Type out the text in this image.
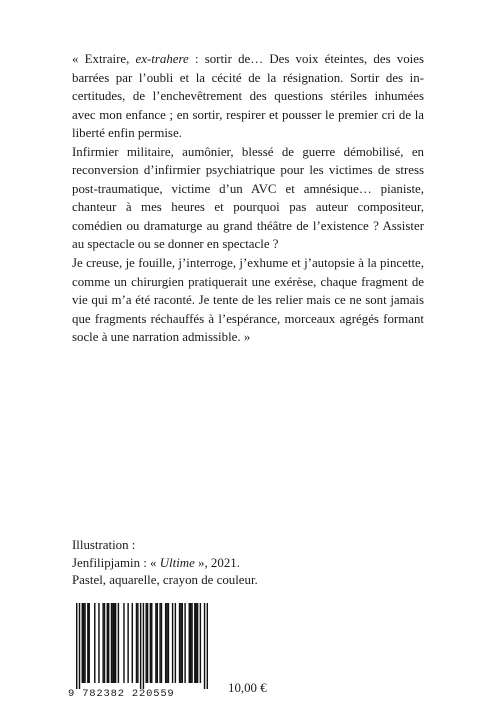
« Extraire, ex-trahere : sortir de… Des voix éteintes, des voies barrées par l’oubli et la cécité de la résignation. Sortir des incertitudes, de l’enchevêtrement des questions stériles inhumées avec mon enfance ; en sortir, respirer et pousser le premier cri de la liberté enfin permise.

Infirmier militaire, aumônier, blessé de guerre démobilisé, en reconversion d’infirmier psychiatrique pour les victimes de stress post-traumatique, victime d’un AVC et amnésique… pianiste, chanteur à mes heures et pourquoi pas auteur compositeur, comédien ou dramaturge au grand théâtre de l’existence ? Assister au spectacle ou se donner en spectacle ?

Je creuse, je fouille, j’interroge, j’exhume et j’autopsie à la pincette, comme un chirurgien pratiquerait une exérèse, chaque fragment de vie qui m’a été raconté. Je tente de les relier mais ce ne sont jamais que fragments réchauffés à l’espérance, morceaux agrégés formant socle à une narration admissible. »

Illustration :

Jenfilipjamin : « Ultime », 2021.

Pastel, aquarelle, crayon de couleur.

9 782382 220559	10,00 €
